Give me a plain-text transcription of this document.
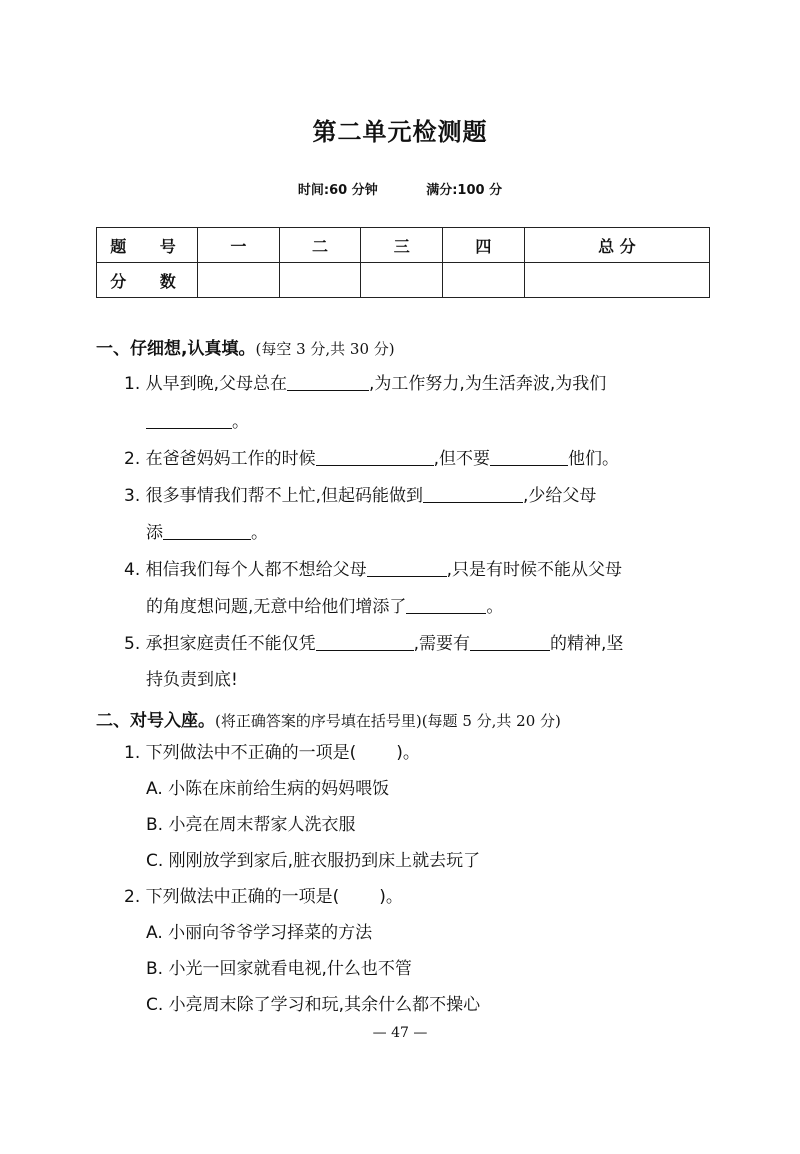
第二单元检测题
时间:60 分钟	满分:100 分
题 号	一	二	三	四	总 分
分 数					
一、仔细想,认真填。(每空 3 分,共 30 分)
1. 从早到晚,父母总在	,为工作努力,为生活奔波,为我们
。
2. 在爸爸妈妈工作的时候	,但不要	他们。
3. 很多事情我们帮不上忙,但起码能做到	,少给父母
添	。
4. 相信我们每个人都不想给父母	,只是有时候不能从父母
的角度想问题,无意中给他们增添了	。
5. 承担家庭责任不能仅凭	,需要有	的精神,坚
持负责到底!
二、对号入座。(将正确答案的序号填在括号里)(每题 5 分,共 20 分)
1. 下列做法中不正确的一项是( )。
A. 小陈在床前给生病的妈妈喂饭
B. 小亮在周末帮家人洗衣服
C. 刚刚放学到家后,脏衣服扔到床上就去玩了
2. 下列做法中正确的一项是( )。
A. 小丽向爷爷学习择菜的方法
B. 小光一回家就看电视,什么也不管
C. 小亮周末除了学习和玩,其余什么都不操心
— 47 —
